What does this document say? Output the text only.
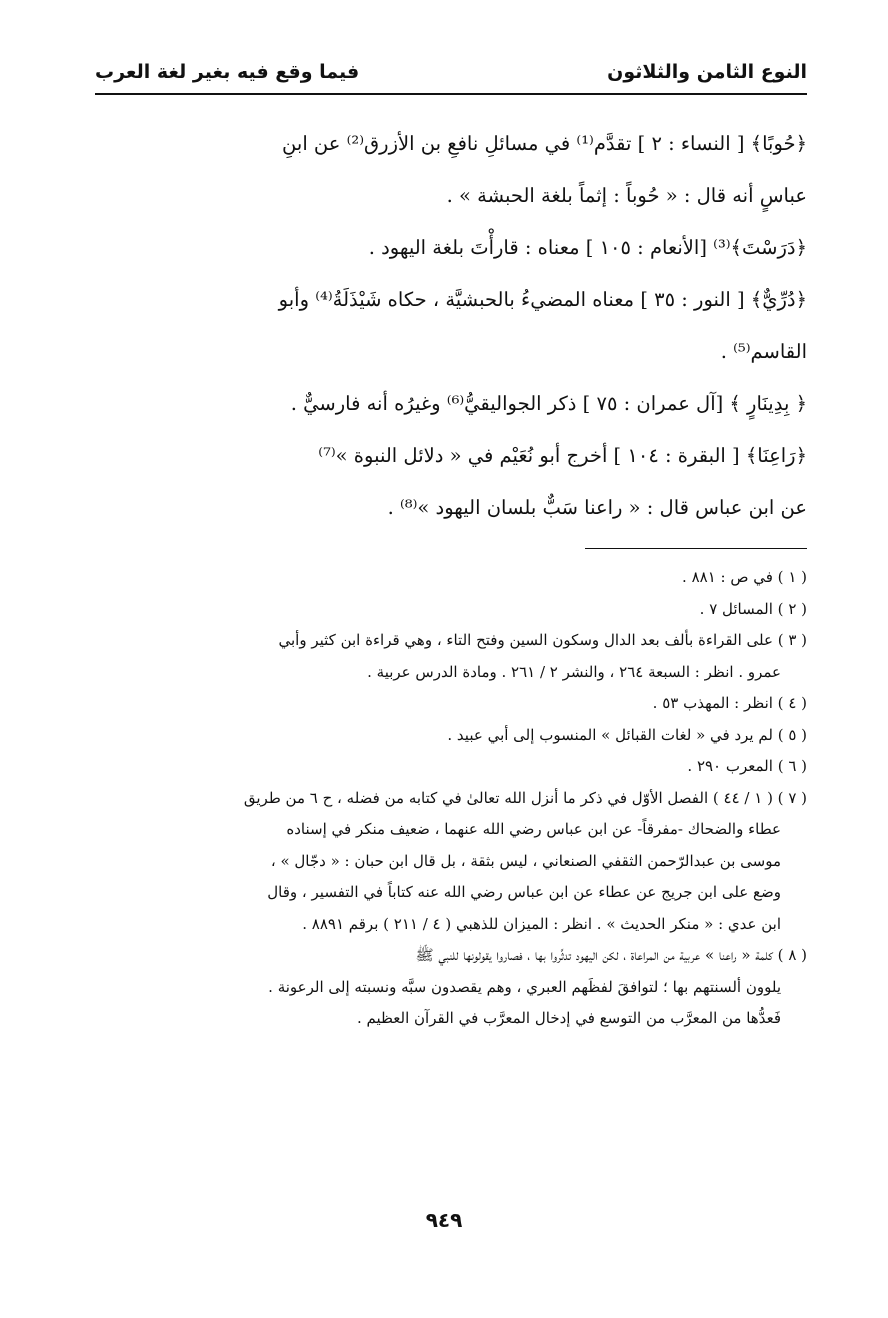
النوع الثامن والثلاثون
فيما وقع فيه بغير لغة العرب
﴿حُوبًا﴾ [ النساء : ٢ ] تقدَّم⁽¹⁾ في مسائلِ نافعِ بن الأزرق⁽²⁾ عن ابنِ
عباسٍ أنه قال : « حُوباً : إثماً بلغة الحبشة » .
﴿دَرَسْتَ﴾⁽³⁾ [الأنعام : ١٠٥ ] معناه : قارأْتَ بلغة اليهود .
﴿دُرِّيٌّ﴾ [ النور : ٣٥ ] معناه المضيءُ بالحبشيَّة ، حكاه شَيْذَلَةُ⁽⁴⁾ وأبو
القاسم⁽⁵⁾ .
﴿ بِدِينَارٍ ﴾ [آل عمران : ٧٥ ] ذكر الجواليقيُّ⁽⁶⁾ وغيرُه أنه فارسيٌّ .
﴿رَاعِنَا﴾ [ البقرة : ١٠٤ ] أخرج أبو نُعَيْم في « دلائل النبوة »⁽⁷⁾
عن ابن عباس قال : « راعنا سَبٌّ بلسان اليهود »⁽⁸⁾ .
( ١ ) في ص : ٨٨١ .
( ٢ ) المسائل ٧ .
( ٣ ) على القراءة بألف بعد الدال وسكون السين وفتح التاء ، وهي قراءة ابن كثير وأبي
عمرو . انظر : السبعة ٢٦٤ ، والنشر ٢ / ٢٦١ . ومادة الدرس عربية .
( ٤ ) انظر : المهذب ٥٣ .
( ٥ ) لم يرد في « لغات القبائل » المنسوب إلى أبي عبيد .
( ٦ ) المعرب ٢٩٠ .
( ٧ ) ( ١ / ٤٤ ) الفصل الأوّل في ذكر ما أنزل الله تعالىٰ في كتابه من فضله ، ح ٦ من طريق
عطاء والضحاك -مفرقاً- عن ابن عباس رضي الله عنهما ، ضعيف منكر في إسناده
موسى بن عبدالرّحمن الثقفي الصنعاني ، ليس بثقة ، بل قال ابن حبان : « دجّال » ،
وضع على ابن جريج عن عطاء عن ابن عباس رضي الله عنه كتاباً في التفسير ، وقال
ابن عدي : « منكر الحديث » . انظر : الميزان للذهبي ( ٤ / ٢١١ ) برقم ٨٨٩١ .
( ٨ ) كلمة « راعنا » عربية من المراعاة ، لكن اليهود تدثَّروا بها ، فصاروا يقولونها للنبي ﷺ
يلوون ألسنتهم بها ؛ لتوافقَ لفظَهم العبري ، وهم يقصدون سبَّه ونسبته إلى الرعونة .
فَعدُّها من المعرَّب من التوسع في إدخال المعرَّب في القرآن العظيم .
٩٤٩
